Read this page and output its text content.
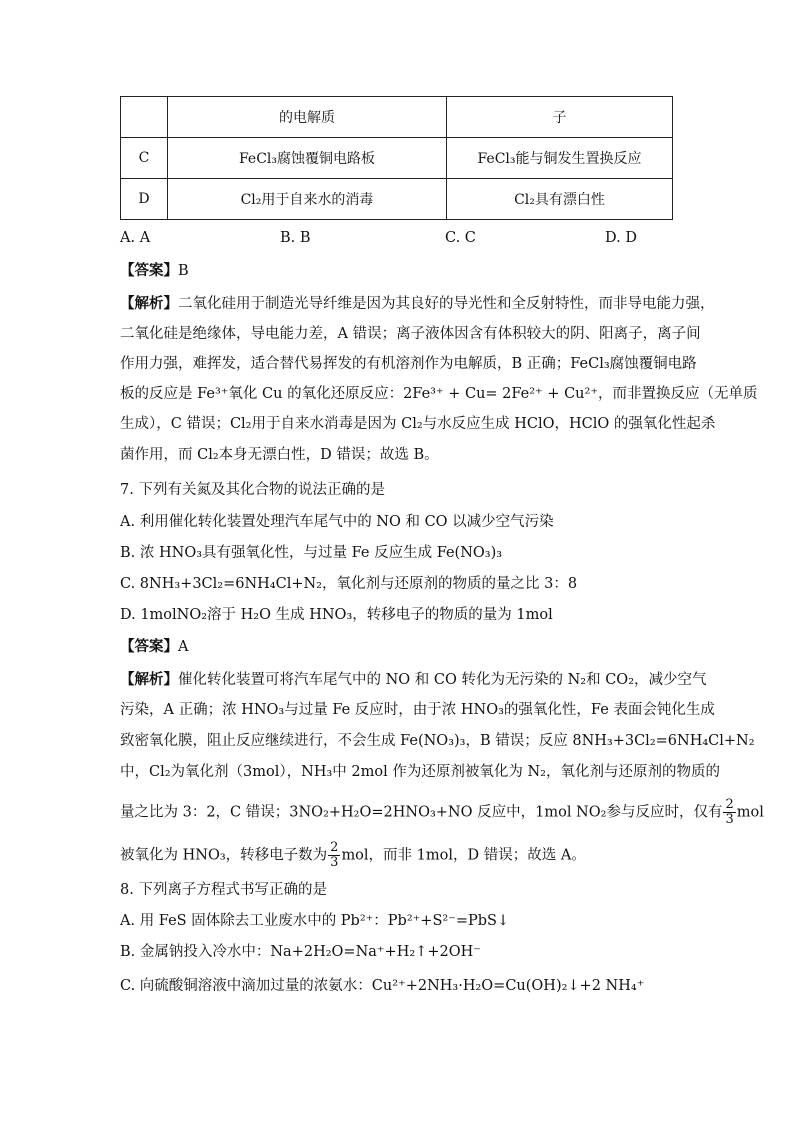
	的电解质	子
C	FeCl₃腐蚀覆铜电路板	FeCl₃能与铜发生置换反应
D	Cl₂用于自来水的消毒	Cl₂具有漂白性
A. A	B. B	C. C	D. D
【答案】B
【解析】二氧化硅用于制造光导纤维是因为其良好的导光性和全反射特性，而非导电能力强，
二氧化硅是绝缘体，导电能力差，A 错误；离子液体因含有体积较大的阴、阳离子，离子间
作用力强，难挥发，适合替代易挥发的有机溶剂作为电解质，B 正确；FeCl₃腐蚀覆铜电路
板的反应是 Fe³⁺氧化 Cu 的氧化还原反应：2Fe³⁺ + Cu= 2Fe²⁺ + Cu²⁺，而非置换反应（无单质
生成），C 错误；Cl₂用于自来水消毒是因为 Cl₂与水反应生成 HClO，HClO 的强氧化性起杀
菌作用，而 Cl₂本身无漂白性，D 错误；故选 B。
7. 下列有关氮及其化合物的说法正确的是
A. 利用催化转化装置处理汽车尾气中的 NO 和 CO 以减少空气污染
B. 浓 HNO₃具有强氧化性，与过量 Fe 反应生成 Fe(NO₃)₃
C. 8NH₃+3Cl₂=6NH₄Cl+N₂，氧化剂与还原剂的物质的量之比 3：8
D. 1molNO₂溶于 H₂O 生成 HNO₃，转移电子的物质的量为 1mol
【答案】A
【解析】催化转化装置可将汽车尾气中的 NO 和 CO 转化为无污染的 N₂和 CO₂，减少空气
污染，A 正确；浓 HNO₃与过量 Fe 反应时，由于浓 HNO₃的强氧化性，Fe 表面会钝化生成
致密氧化膜，阻止反应继续进行，不会生成 Fe(NO₃)₃，B 错误；反应 8NH₃+3Cl₂=6NH₄Cl+N₂
中，Cl₂为氧化剂（3mol），NH₃中 2mol 作为还原剂被氧化为 N₂，氧化剂与还原剂的物质的
量之比为 3：2，C 错误；3NO₂+H₂O=2HNO₃+NO 反应中，1mol NO₂参与反应时，仅有 $\frac{2}{3}$ mol
被氧化为 HNO₃，转移电子数为 $\frac{2}{3}$ mol，而非 1mol，D 错误；故选 A。
8. 下列离子方程式书写正确的是
A. 用 FeS 固体除去工业废水中的 Pb²⁺：Pb²⁺+S²⁻=PbS↓
B. 金属钠投入冷水中：Na+2H₂O=Na⁺+H₂↑+2OH⁻
C. 向硫酸铜溶液中滴加过量的浓氨水：Cu²⁺+2NH₃·H₂O=Cu(OH)₂↓+2 NH₄⁺
